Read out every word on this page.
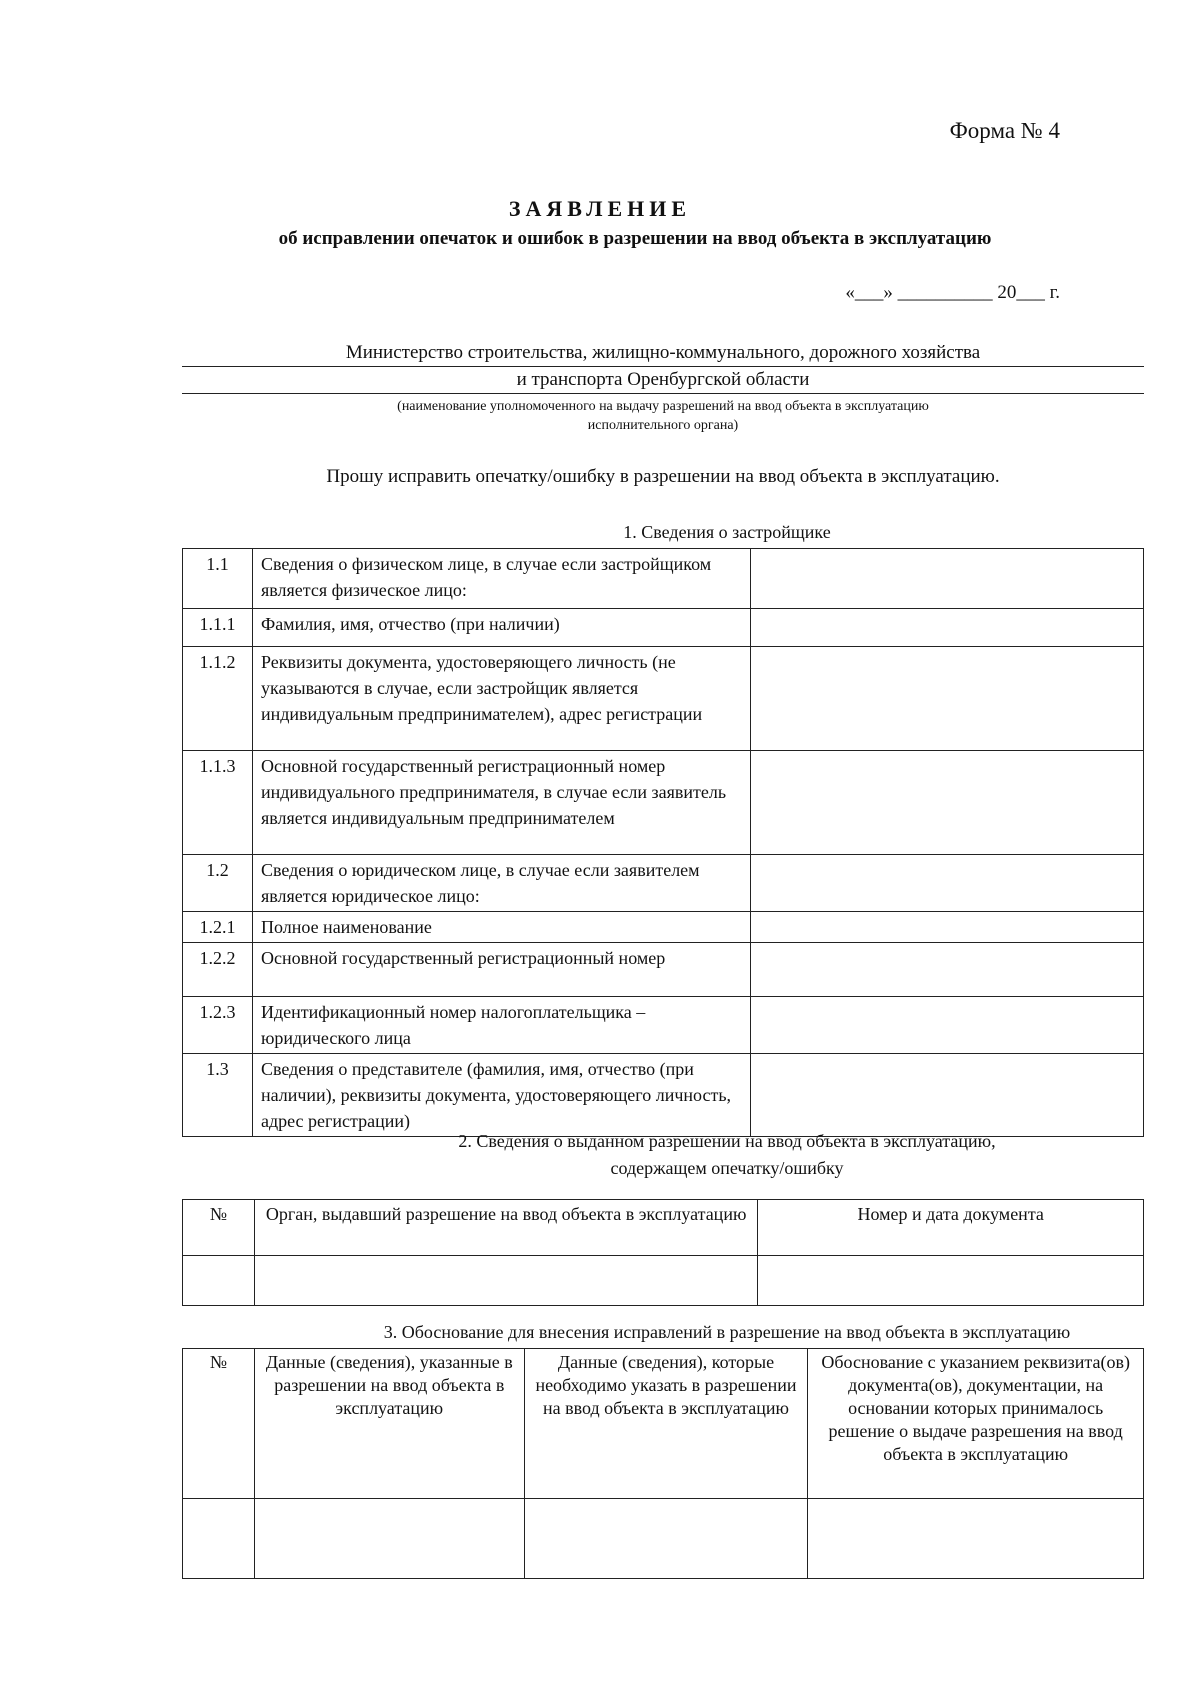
Форма № 4
ЗАЯВЛЕНИЕ
об исправлении опечаток и ошибок в разрешении на ввод объекта в эксплуатацию
«___» __________ 20___ г.
Министерство строительства, жилищно-коммунального, дорожного хозяйства
и транспорта Оренбургской области
(наименование уполномоченного на выдачу разрешений на ввод объекта в эксплуатацию
исполнительного органа)
Прошу исправить опечатку/ошибку в разрешении на ввод объекта в эксплуатацию.
1. Сведения о застройщике
1.1	Сведения о физическом лице, в случае если застройщиком является физическое лицо:	
1.1.1	Фамилия, имя, отчество (при наличии)	
1.1.2	Реквизиты документа, удостоверяющего личность (не указываются в случае, если застройщик является индивидуальным предпринимателем), адрес регистрации	
1.1.3	Основной государственный регистрационный номер индивидуального предпринимателя, в случае если заявитель является индивидуальным предпринимателем	
1.2	Сведения о юридическом лице, в случае если заявителем является юридическое лицо:	
1.2.1	Полное наименование	
1.2.2	Основной государственный регистрационный номер	
1.2.3	Идентификационный номер налогоплательщика – юридического лица	
1.3	Сведения о представителе (фамилия, имя, отчество (при наличии), реквизиты документа, удостоверяющего личность, адрес регистрации)	
2. Сведения о выданном разрешении на ввод объекта в эксплуатацию,
содержащем опечатку/ошибку
№	Орган, выдавший разрешение на ввод объекта в эксплуатацию	Номер и дата документа

3. Обоснование для внесения исправлений в разрешение на ввод объекта в эксплуатацию
№	Данные (сведения), указанные в разрешении на ввод объекта в эксплуатацию	Данные (сведения), которые необходимо указать в разрешении на ввод объекта в эксплуатацию	Обоснование с указанием реквизита(ов) документа(ов), документации, на основании которых принималось решение о выдаче разрешения на ввод объекта в эксплуатацию
